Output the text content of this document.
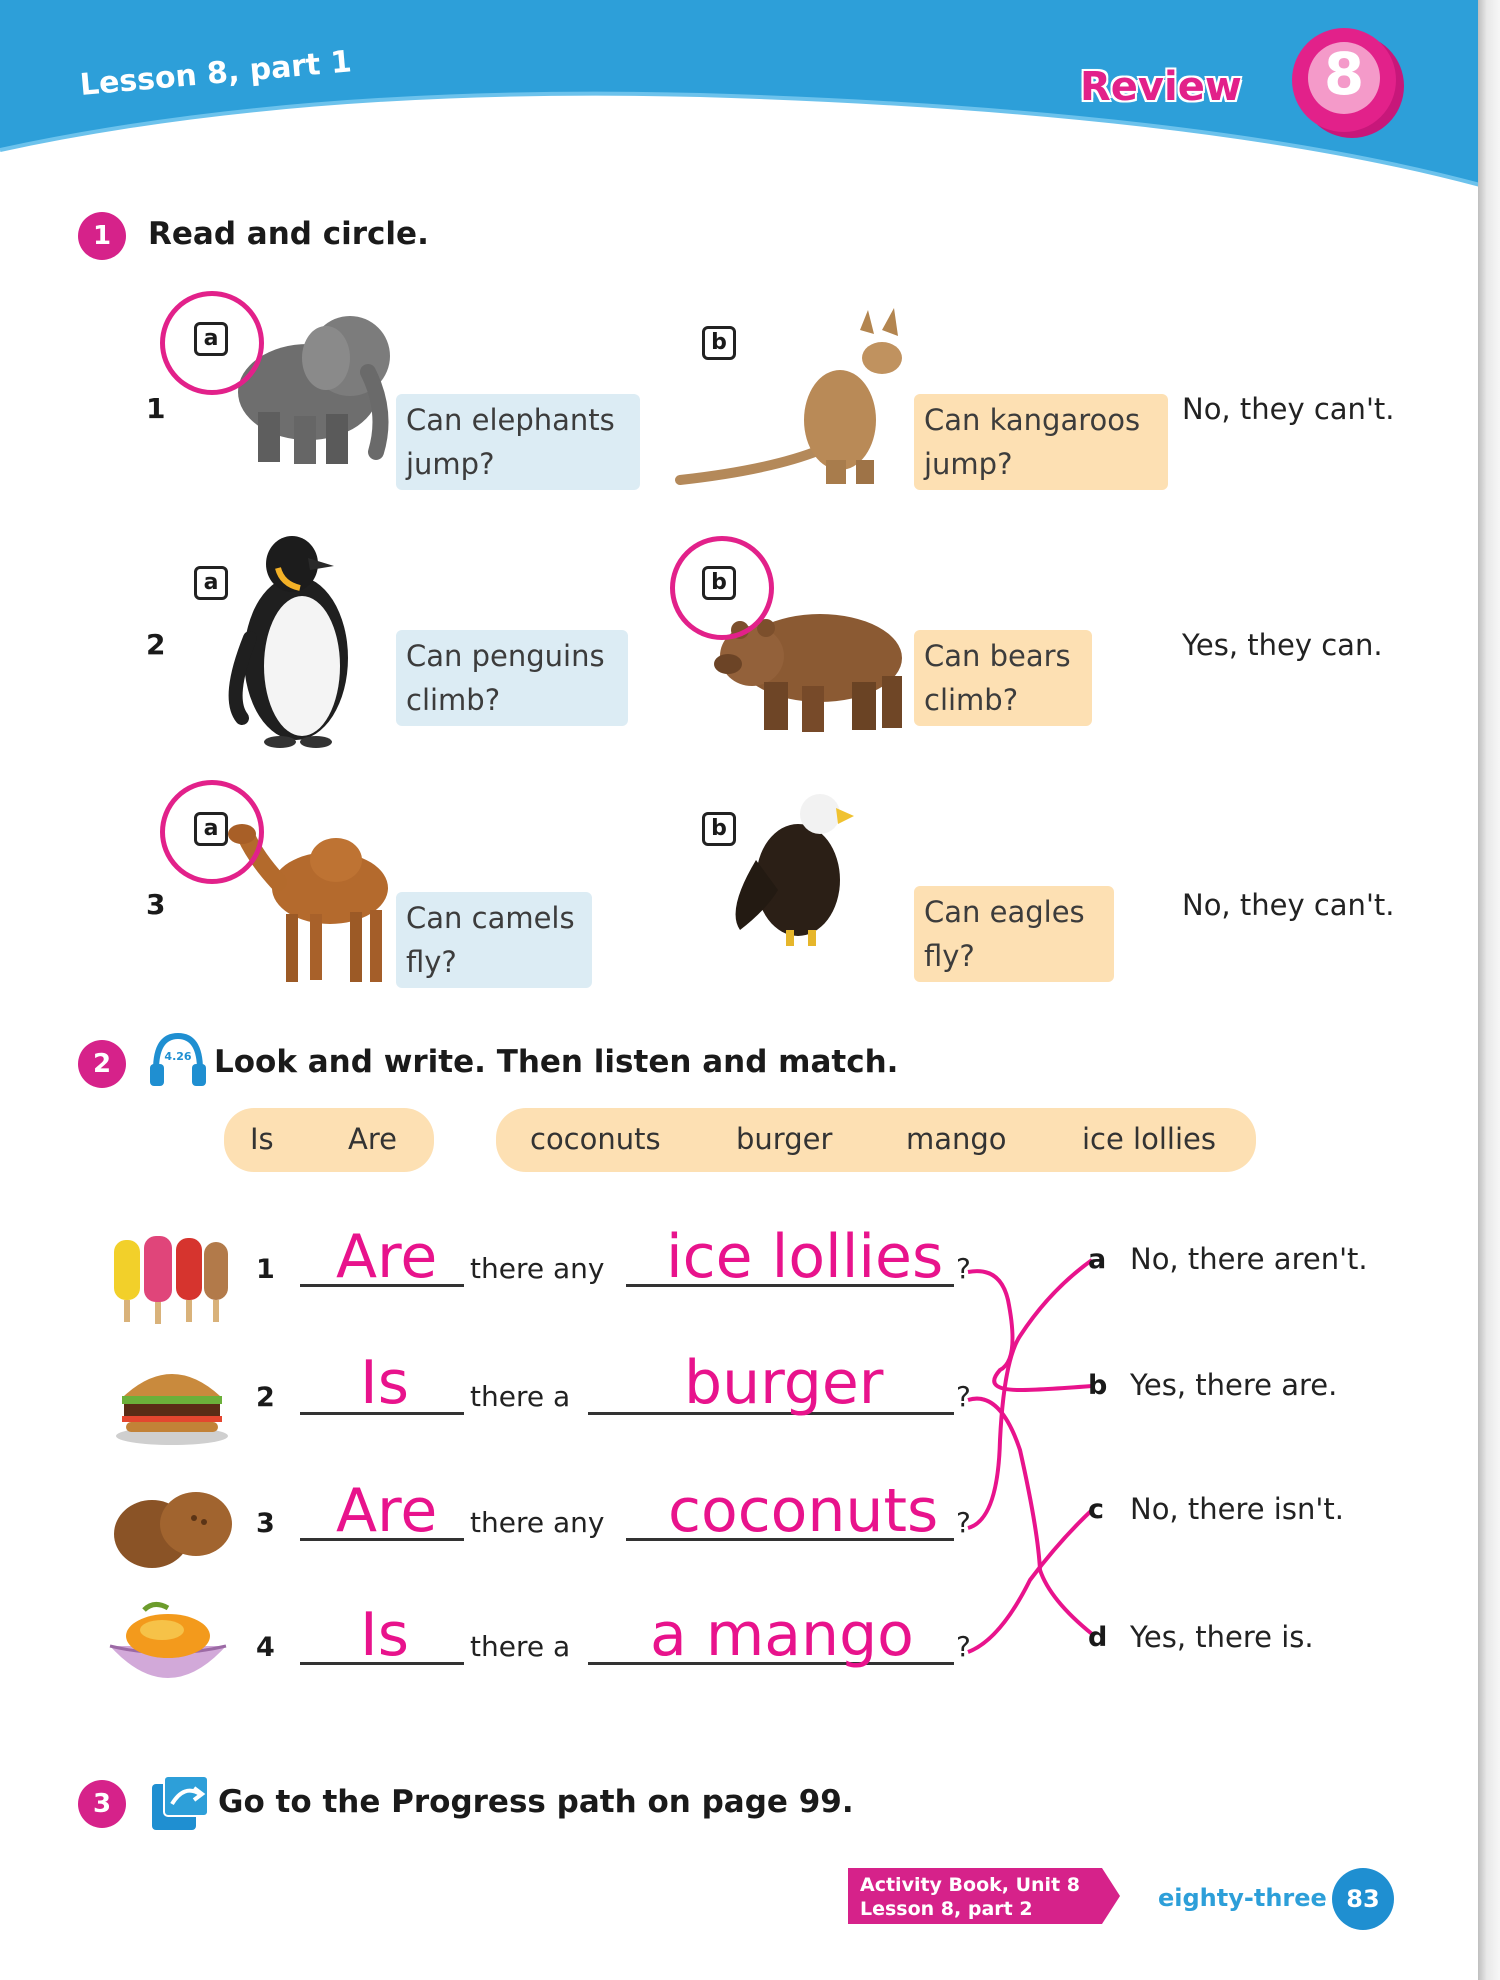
Lesson 8, part 1	Review	8
1	Read and circle.
1
a
Can elephants jump?
b
Can kangaroos jump?
No, they can't.
2
a
Can penguins climb?
b
Can bears climb?
Yes, they can.
3
a
Can camels fly?
b
Can eagles fly?
No, they can't.
2	4.26 Look and write. Then listen and match.
Is	Are	coconuts	burger	mango	ice lollies
1 Are there any ice lollies ?
2 Is there a burger	?
3 Are there any coconuts ?
4 Is there a a mango ?
a No, there aren't.
b Yes, there are.
c No, there isn't.
d Yes, there is.
3	Go to the Progress path on page 99.
Activity Book, Unit 8
Lesson 8, part 2	eighty-three 83
